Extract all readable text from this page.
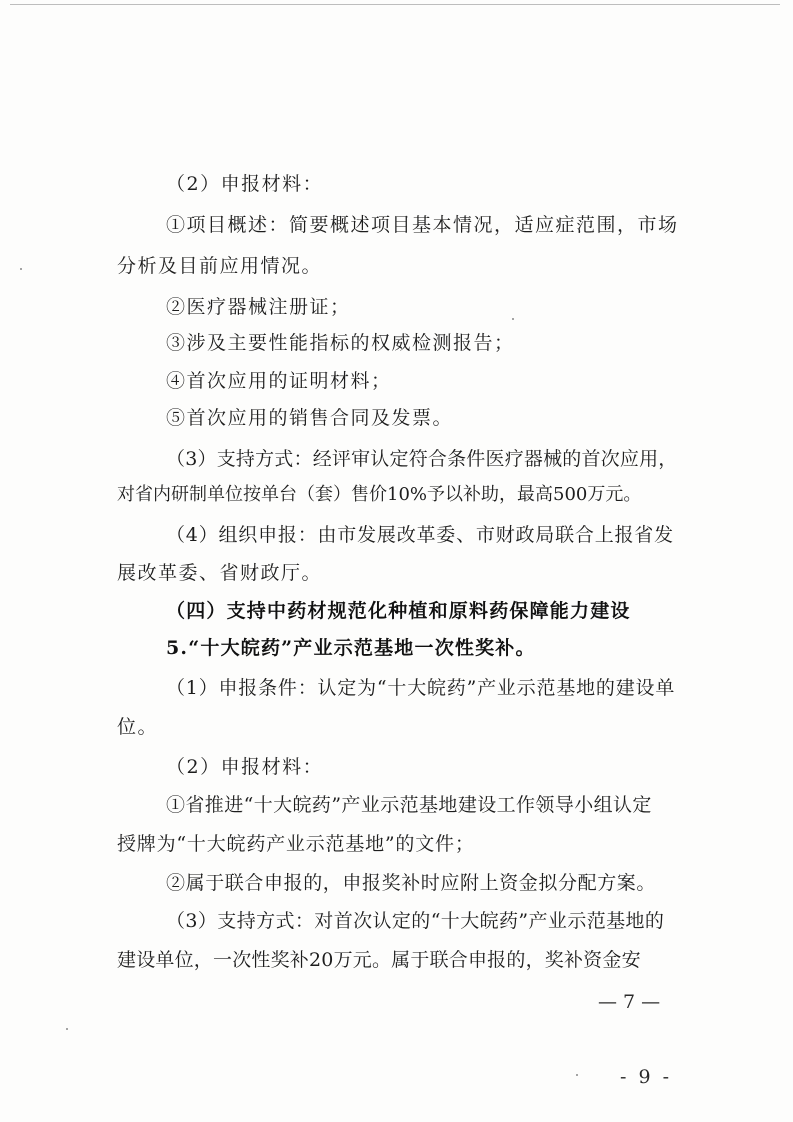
（2）申报材料：
①项目概述：简要概述项目基本情况，适应症范围，市场
分析及目前应用情况。
②医疗器械注册证；
③涉及主要性能指标的权威检测报告；
④首次应用的证明材料；
⑤首次应用的销售合同及发票。
（3）支持方式：经评审认定符合条件医疗器械的首次应用，
对省内研制单位按单台（套）售价10%予以补助，最高500万元。
（4）组织申报：由市发展改革委、市财政局联合上报省发
展改革委、省财政厅。
（四）支持中药材规范化种植和原料药保障能力建设
5.“十大皖药”产业示范基地一次性奖补。
（1）申报条件：认定为“十大皖药”产业示范基地的建设单
位。
（2）申报材料：
①省推进“十大皖药”产业示范基地建设工作领导小组认定
授牌为“十大皖药产业示范基地”的文件；
②属于联合申报的，申报奖补时应附上资金拟分配方案。
（3）支持方式：对首次认定的“十大皖药”产业示范基地的
建设单位，一次性奖补20万元。属于联合申报的，奖补资金安
— 7 —
- 9 -
